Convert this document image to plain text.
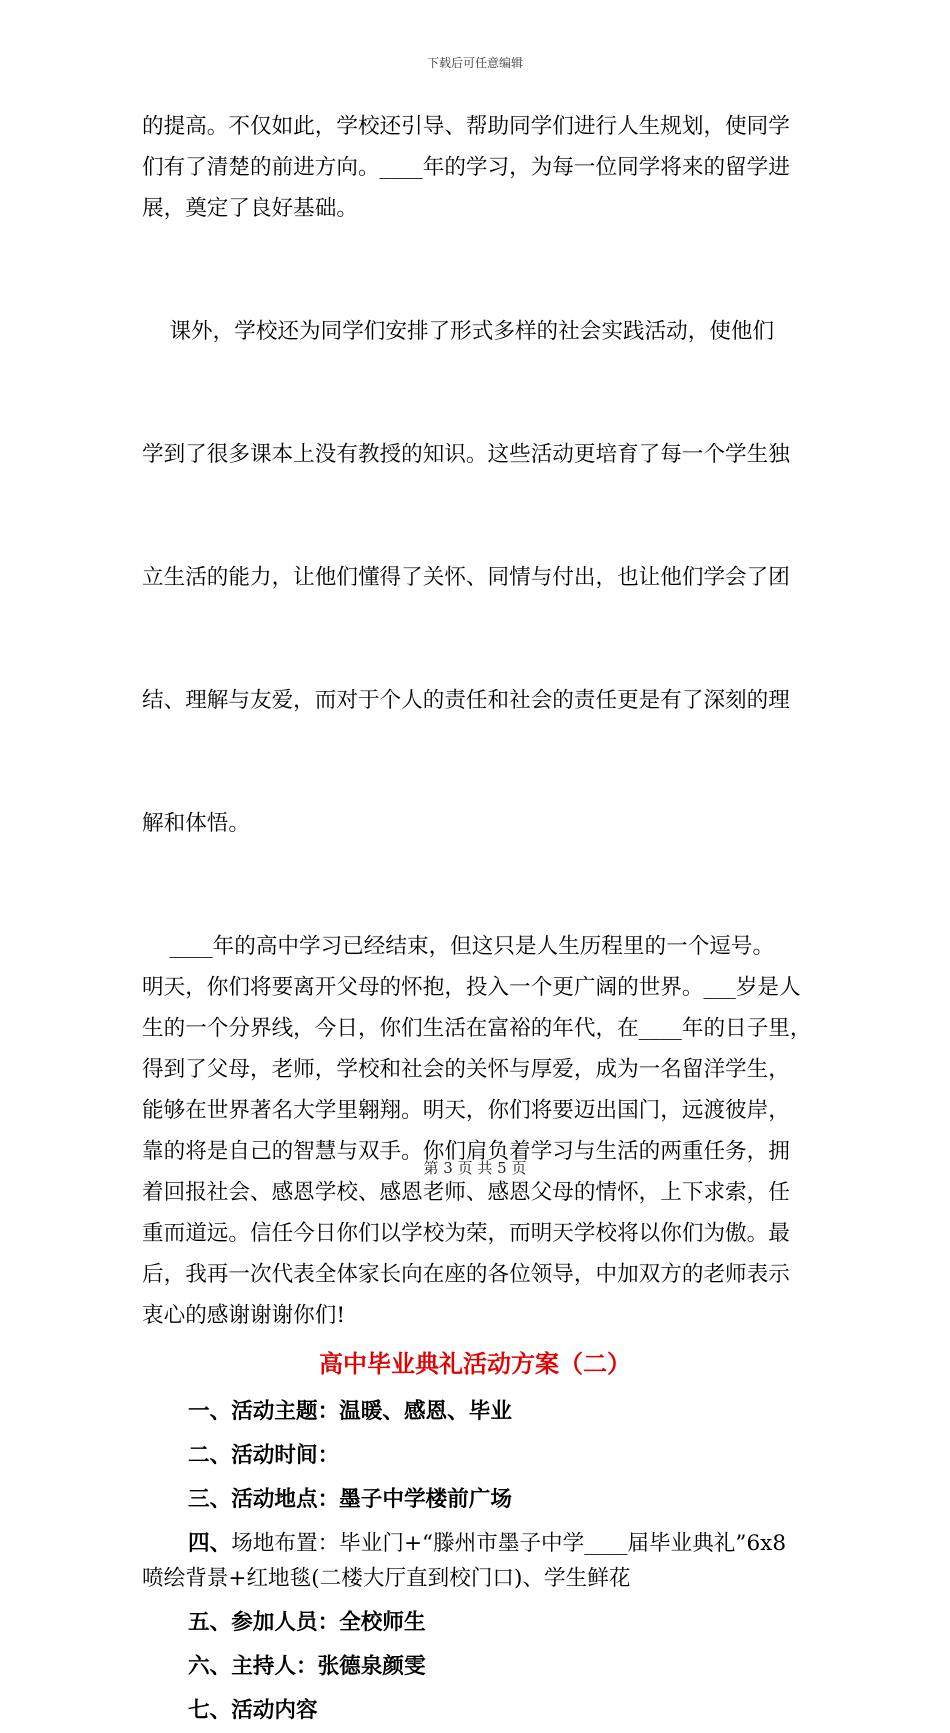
下载后可任意编辑
的提高。不仅如此，学校还引导、帮助同学们进行人生规划，使同学
们有了清楚的前进方向。____年的学习，为每一位同学将来的留学进
展，奠定了良好基础。

课外，学校还为同学们安排了形式多样的社会实践活动，使他们

学到了很多课本上没有教授的知识。这些活动更培育了每一个学生独

立生活的能力，让他们懂得了关怀、同情与付出，也让他们学会了团

结、理解与友爱，而对于个人的责任和社会的责任更是有了深刻的理

解和体悟。

____年的高中学习已经结束，但这只是人生历程里的一个逗号。
明天，你们将要离开父母的怀抱，投入一个更广阔的世界。___岁是人
生的一个分界线，今日，你们生活在富裕的年代，在____年的日子里，
得到了父母，老师，学校和社会的关怀与厚爱，成为一名留洋学生，
能够在世界著名大学里翱翔。明天，你们将要迈出国门，远渡彼岸，
靠的将是自己的智慧与双手。你们肩负着学习与生活的两重任务，拥
着回报社会、感恩学校、感恩老师、感恩父母的情怀，上下求索，任
重而道远。信任今日你们以学校为荣，而明天学校将以你们为傲。最
后，我再一次代表全体家长向在座的各位领导，中加双方的老师表示
衷心的感谢谢谢你们!
高中毕业典礼活动方案（二）
一、活动主题：温暖、感恩、毕业
二、活动时间：
三、活动地点：墨子中学楼前广场
四、场地布置：毕业门+“滕州市墨子中学____届毕业典礼”6x8
喷绘背景+红地毯(二楼大厅直到校门口)、学生鲜花
五、参加人员：全校师生
六、主持人：张德泉颜雯
七、活动内容
第 3 页 共 5 页
